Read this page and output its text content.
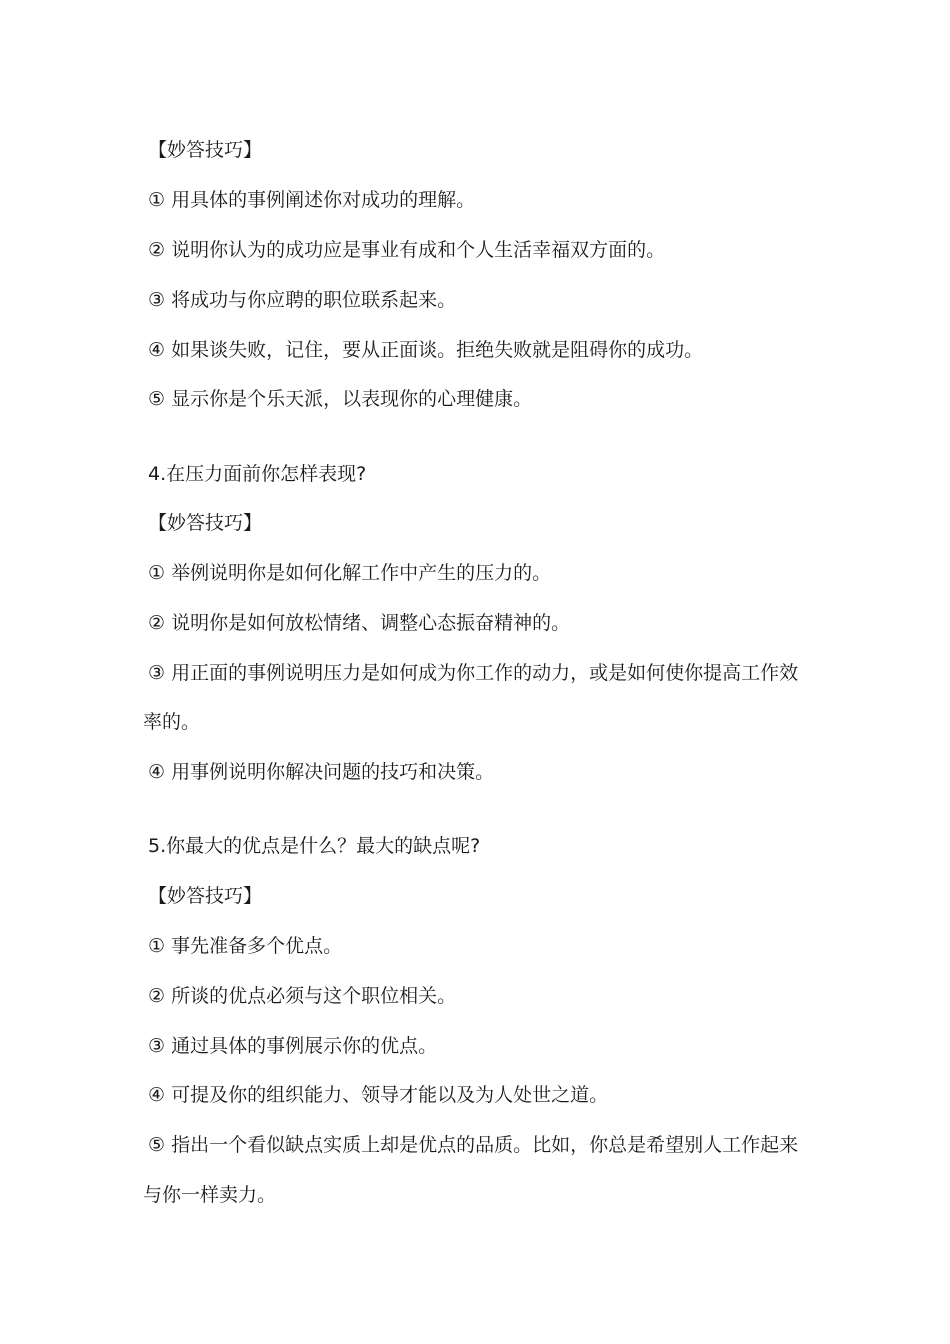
【妙答技巧】

① 用具体的事例阐述你对成功的理解。

② 说明你认为的成功应是事业有成和个人生活幸福双方面的。

③ 将成功与你应聘的职位联系起来。

④ 如果谈失败，记住，要从正面谈。拒绝失败就是阻碍你的成功。

⑤ 显示你是个乐天派，以表现你的心理健康。

4.在压力面前你怎样表现?

【妙答技巧】

① 举例说明你是如何化解工作中产生的压力的。

② 说明你是如何放松情绪、调整心态振奋精神的。

③ 用正面的事例说明压力是如何成为你工作的动力，或是如何使你提高工作效

率的。

④ 用事例说明你解决问题的技巧和决策。

5.你最大的优点是什么？最大的缺点呢?

【妙答技巧】

① 事先准备多个优点。

② 所谈的优点必须与这个职位相关。

③ 通过具体的事例展示你的优点。

④ 可提及你的组织能力、领导才能以及为人处世之道。

⑤ 指出一个看似缺点实质上却是优点的品质。比如，你总是希望别人工作起来

与你一样卖力。
